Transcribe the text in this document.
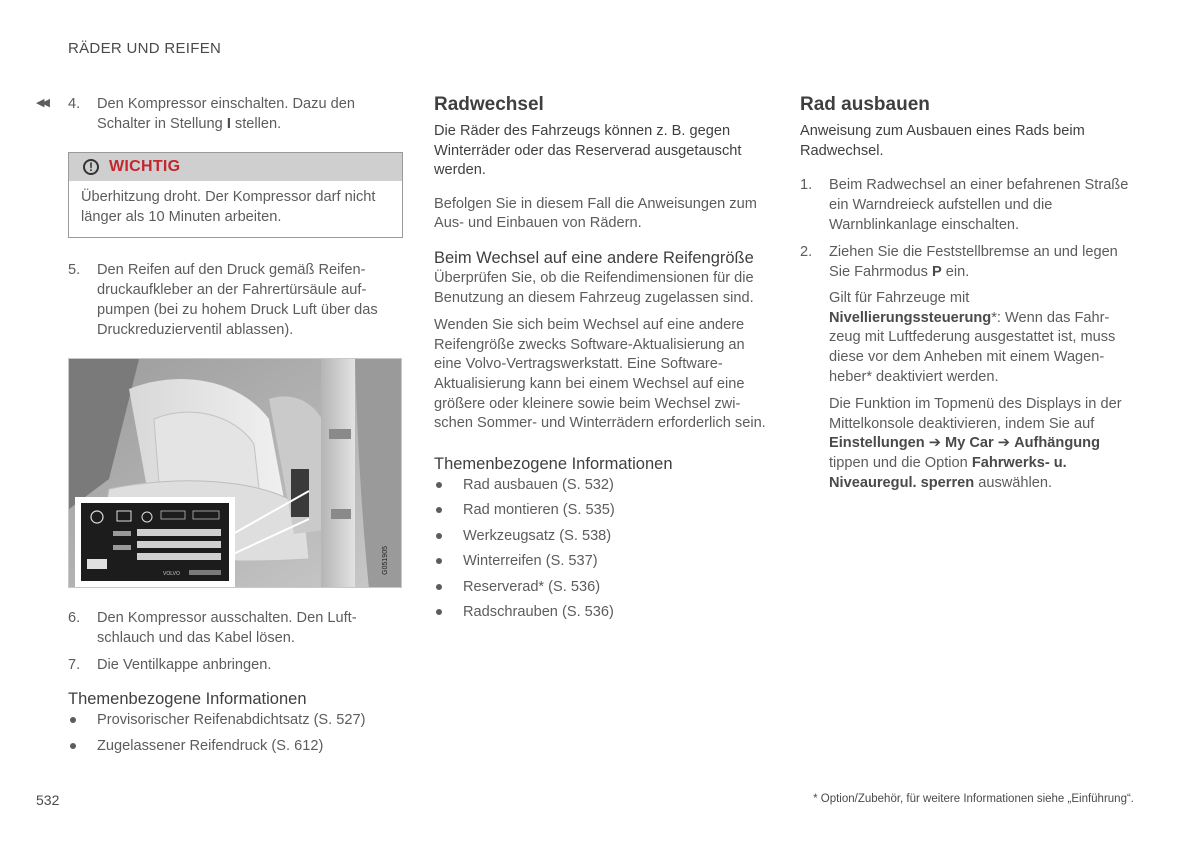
RÄDER UND REIFEN
◀◀ 4. Den Kompressor einschalten. Dazu den Schalter in Stellung I stellen.
!	WICHTIG
Überhitzung droht. Der Kompressor darf nicht länger als 10 Minuten arbeiten.
5. Den Reifen auf den Druck gemäß Reifendruckaufkleber an der Fahrertürsäule aufpumpen (bei zu hohem Druck Luft über das Druckreduzierventil ablassen).
VOLVO	G051905
6. Den Kompressor ausschalten. Den Luftschlauch und das Kabel lösen.
7. Die Ventilkappe anbringen.
Themenbezogene Informationen
Provisorischer Reifenabdichtsatz (S. 527)
Zugelassener Reifendruck (S. 612)
Radwechsel

Die Räder des Fahrzeugs können z. B. gegen Winterräder oder das Reserverad ausgetauscht werden.

Befolgen Sie in diesem Fall die Anweisungen zum Aus- und Einbauen von Rädern.

Beim Wechsel auf eine andere Reifengröße

Überprüfen Sie, ob die Reifendimensionen für die Benutzung an diesem Fahrzeug zugelassen sind.

Wenden Sie sich beim Wechsel auf eine andere Reifengröße zwecks Software-Aktualisierung an eine Volvo-Vertragswerkstatt. Eine Software-Aktualisierung kann bei einem Wechsel auf eine größere oder kleinere sowie beim Wechsel zwischen Sommer- und Winterrädern erforderlich sein.

Themenbezogene Informationen
Rad ausbauen (S. 532)
Rad montieren (S. 535)
Werkzeugsatz (S. 538)
Winterreifen (S. 537)
Reserverad* (S. 536)
Radschrauben (S. 536)
Rad ausbauen

Anweisung zum Ausbauen eines Rads beim Radwechsel.

1. Beim Radwechsel an einer befahrenen Straße ein Warndreieck aufstellen und die Warnblinkanlage einschalten.
2. Ziehen Sie die Feststellbremse an und legen Sie Fahrmodus P ein.

Gilt für Fahrzeuge mit Nivellierungssteuerung*: Wenn das Fahrzeug mit Luftfederung ausgestattet ist, muss diese vor dem Anheben mit einem Wagenheber* deaktiviert werden.

Die Funktion im Topmenü des Displays in der Mittelkonsole deaktivieren, indem Sie auf Einstellungen ➔ My Car ➔ Aufhängung tippen und die Option Fahrwerks- u. Niveauregul. sperren auswählen.

532	* Option/Zubehör, für weitere Informationen siehe „Einführung“.
